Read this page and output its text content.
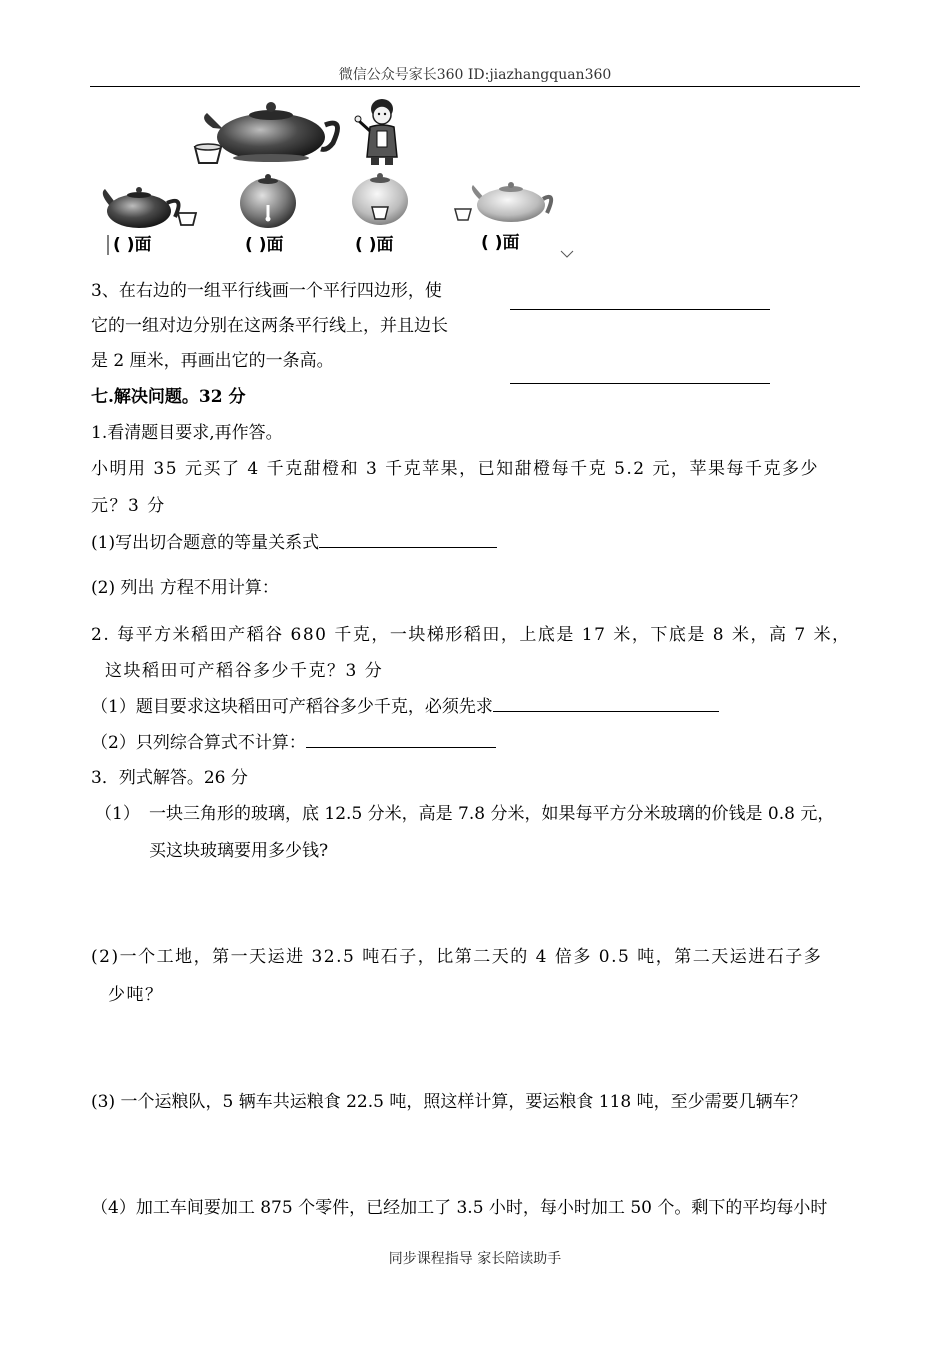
微信公众号家长360 ID:jiazhangquan360
( )面	( )面	( )面	( )面
3、在右边的一组平行线画一个平行四边形，使
它的一组对边分别在这两条平行线上，并且边长
是 2 厘米，再画出它的一条高。
七.解决问题。32 分
1.看清题目要求,再作答。
小明用 35 元买了 4 千克甜橙和 3 千克苹果，已知甜橙每千克 5.2 元，苹果每千克多少
元？3 分
(1)写出切合题意的等量关系式
(2) 列出 方程不用计算：
2. 每平方米稻田产稻谷 680 千克，一块梯形稻田，上底是 17 米，下底是 8 米，高 7 米，
这块稻田可产稻谷多少千克？3 分
（1）题目要求这块稻田可产稻谷多少千克，必须先求
（2）只列综合算式不计算：
3．列式解答。26 分
（1） 一块三角形的玻璃，底 12.5 分米，高是 7.8 分米，如果每平方分米玻璃的价钱是 0.8 元，
买这块玻璃要用多少钱?
(2)一个工地，第一天运进 32.5 吨石子，比第二天的 4 倍多 0.5 吨，第二天运进石子多
少吨？
(3) 一个运粮队，5 辆车共运粮食 22.5 吨，照这样计算，要运粮食 118 吨，至少需要几辆车？
（4）加工车间要加工 875 个零件，已经加工了 3.5 小时，每小时加工 50 个。剩下的平均每小时
同步课程指导 家长陪读助手
